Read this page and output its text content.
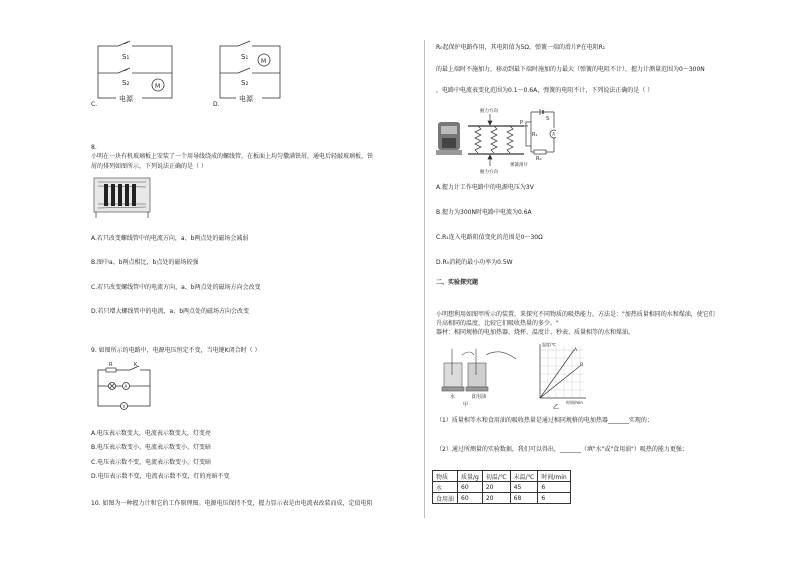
S₁
S₂	M
电源
C.
S₁
S₂
M
电源
D.
8.
小明在一块有机玻璃板上安装了一个用导线绕成的螺线管，在板面上均匀撒满铁屑，通电后轻敲玻璃板，铁
屑的排列如图所示，下列说法正确的是（ ）
A.若只改变螺线管中的电流方向，a、b两点处的磁场会减弱
B.图中a、b两点相比，b点处的磁场较强
C.若只改变螺线管中的电流方向，a、b两点处的磁场方向会改变
D.若只增大螺线管中的电流，a、b两点处的磁场方向会改变
9. 如图所示的电路中，电源电压恒定不变，当电键K闭合时（ ）
R	K
A
V
A.电压表示数变大，电流表示数变大，灯变亮
B.电压表示数变小，电流表示数变小，灯变暗
C.电压表示数不变，电流表示数变小，灯变暗
D.电压表示数不变，电流表示数不变，灯的亮暗不变
10. 如图为一种握力计和它的工作原理图。电源电压保持不变，握力显示表是由电流表改装而成，定值电阻
R₀起保护电路作用，其电阻值为5Ω，弹簧一端的滑片P在电阻R₁
的最上端时不施加力，移动到最下端时施加的力最大（弹簧的电阻不计），握力计测量范围为0～300N
，电路中电流表变化范围为0.1～0.6A，弹簧的电阻不计，下列说法正确的是（ ）
握力方向
握力方向
弹簧滑片
P
R₁
R₀
S
A
A.握力计工作电路中的电源电压为3V
B.握力为300N时电路中电流为0.6A
C.R₁连入电路阻值变化的范围是0～30Ω
D.R₀消耗的最小功率为0.5W
二、实验探究题
小明想利用如图甲所示的装置，来探究不同物质的吸热能力，方法是："加热质量相同的水和煤油，使它们
升高相同的温度，比较它们吸收热量的多少。"
器材：相同规格的电加热器、烧杯、温度计、秒表、质量相等的水和煤油。
水	食用油
甲
温度/℃
时间/min
A
B
乙
（1）质量相等水和食用油的吸收热量是通过相同规格的电加热器_______实现的；
（2）通过所测量的实验数据，我们可以得出，_______（填"水"或"食用油"）吸热的能力更强；
物质	质量/g	初温/℃	末温/℃	时间/min
水	60	20	45	6
食用油	60	20	68	6
